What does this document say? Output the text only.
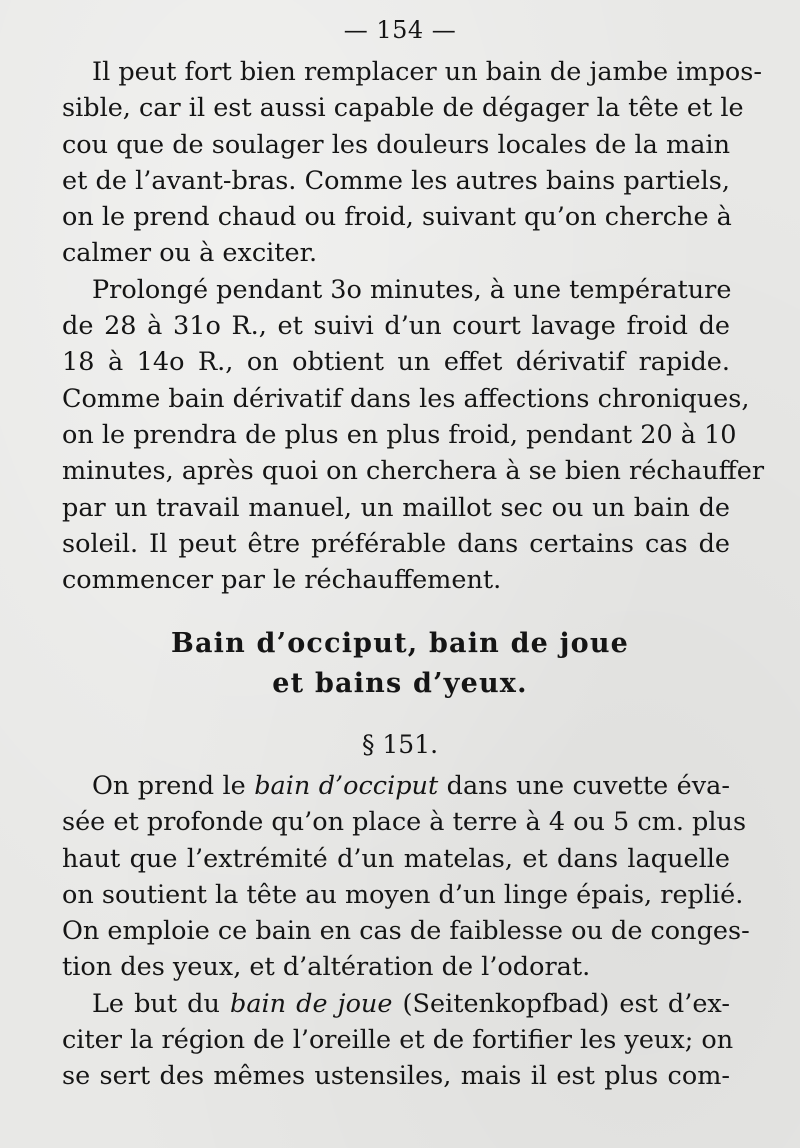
— 154 —
Il peut fort bien remplacer un bain de jambe impos-
sible, car il est aussi capable de dégager la tête et le
cou que de soulager les douleurs locales de la main
et de l’avant-bras. Comme les autres bains partiels,
on le prend chaud ou froid, suivant qu’on cherche à
calmer ou à exciter.
Prolongé pendant 3o minutes, à une température
de 28 à 31o R., et suivi d’un court lavage froid de
18 à 14o R., on obtient un effet dérivatif rapide.
Comme bain dérivatif dans les affections chroniques,
on le prendra de plus en plus froid, pendant 20 à 10
minutes, après quoi on cherchera à se bien réchauffer
par un travail manuel, un maillot sec ou un bain de
soleil. Il peut être préférable dans certains cas de
commencer par le réchauffement.
Bain d’occiput, bain de joue
et bains d’yeux.
§ 151.
On prend le bain d’occiput dans une cuvette éva-
sée et profonde qu’on place à terre à 4 ou 5 cm. plus
haut que l’extrémité d’un matelas, et dans laquelle
on soutient la tête au moyen d’un linge épais, replié.
On emploie ce bain en cas de faiblesse ou de conges-
tion des yeux, et d’altération de l’odorat.
Le but du bain de joue (Seitenkopfbad) est d’ex-
citer la région de l’oreille et de fortifier les yeux; on
se sert des mêmes ustensiles, mais il est plus com-
